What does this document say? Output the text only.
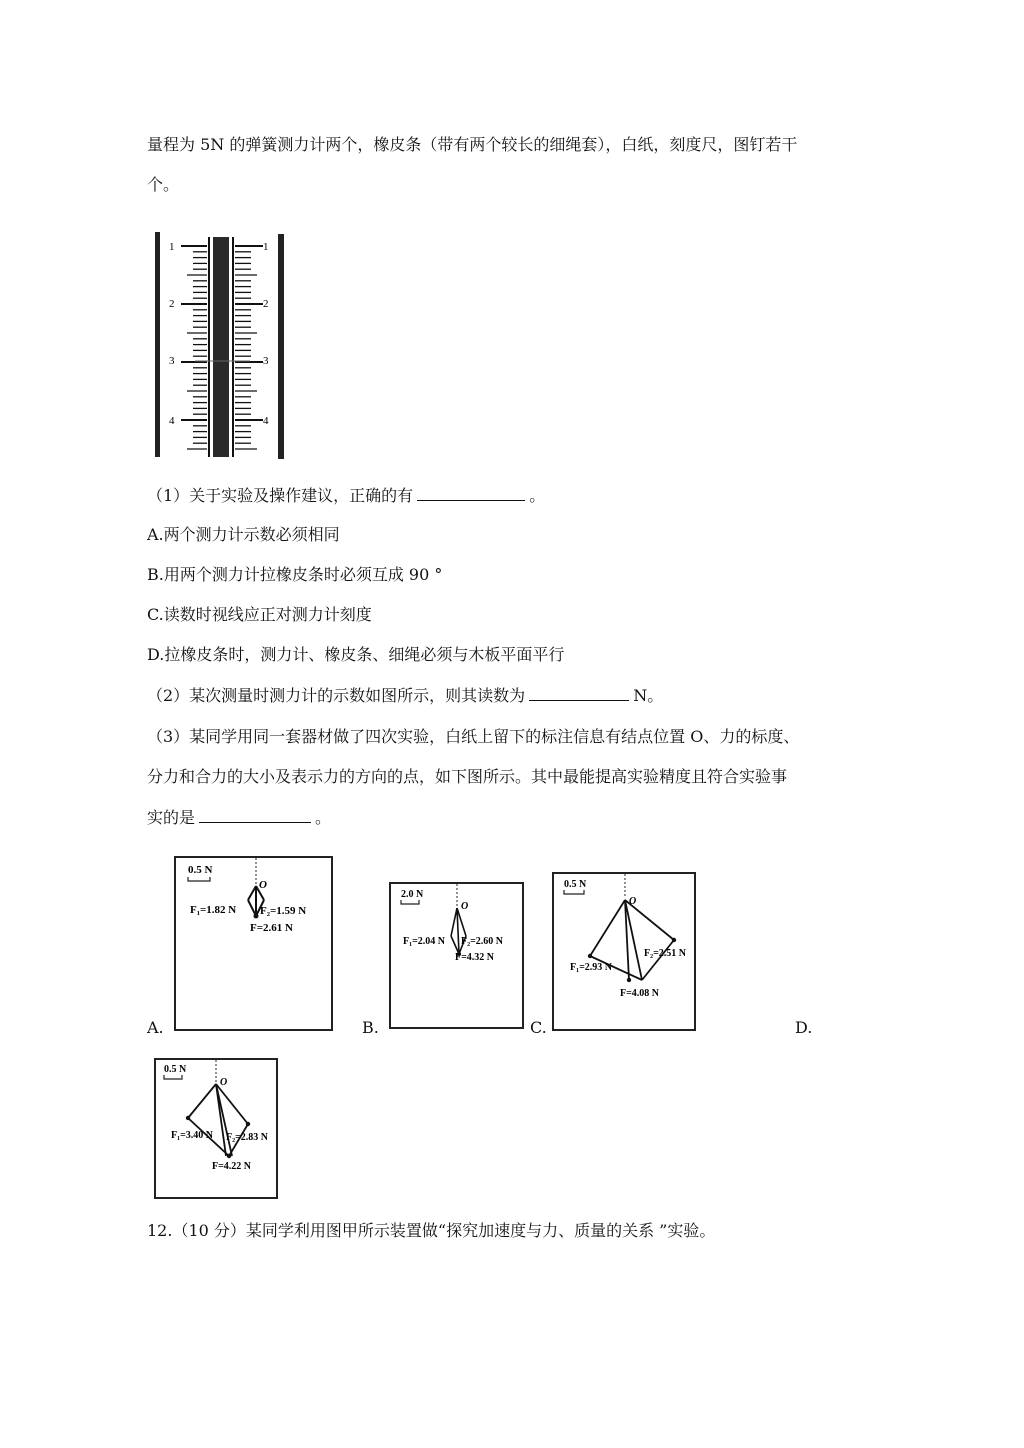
量程为 5N 的弹簧测力计两个，橡皮条（带有两个较长的细绳套），白纸，刻度尺，图钉若干
个。
1
2
3
4
1
2
3
4
（1）关于实验及操作建议，正确的有	。
A.两个测力计示数必须相同
B.用两个测力计拉橡皮条时必须互成 90 °
C.读数时视线应正对测力计刻度
D.拉橡皮条时，测力计、橡皮条、细绳必须与木板平面平行
（2）某次测量时测力计的示数如图所示，则其读数为	N。
（3）某同学用同一套器材做了四次实验，白纸上留下的标注信息有结点位置 O、力的标度、
分力和合力的大小及表示力的方向的点，如下图所示。其中最能提高实验精度且符合实验事
实的是	。
0.5 N
O
F₁=1.82 N F₂=1.59 N
F=2.61 N
2.0 N
O
F₁=2.04 N F₂=2.60 N
F=4.32 N
0.5 N
O
F₁=2.93 N
F₂=2.51 N
F=4.08 N
A.	B.	C.	D.
0.5 N
O
F₁=3.40 N F₂=2.83 N
F=4.22 N
12.（10 分）某同学利用图甲所示装置做“探究加速度与力、质量的关系 ”实验。
